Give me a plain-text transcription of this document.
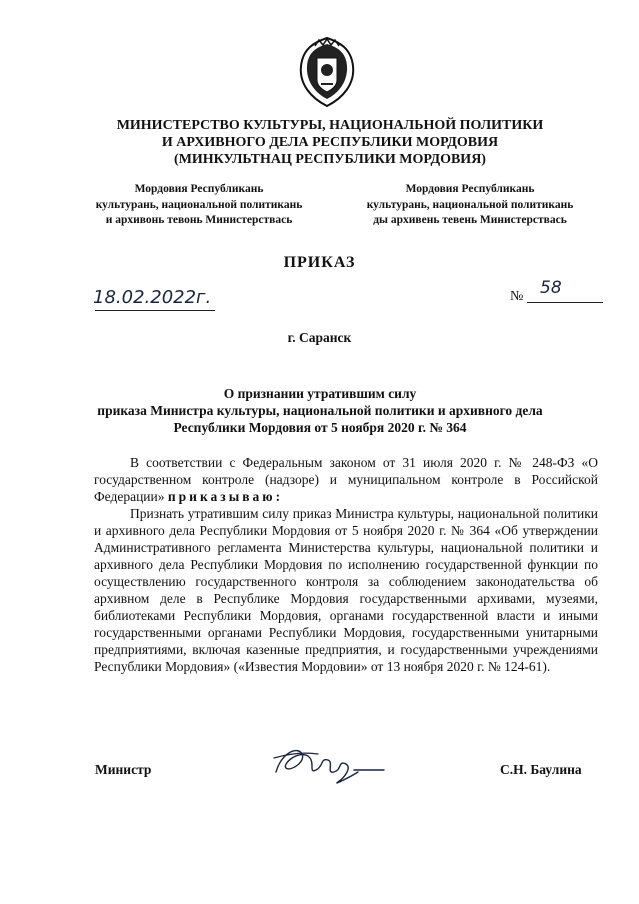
МИНИСТЕРСТВО КУЛЬТУРЫ, НАЦИОНАЛЬНОЙ ПОЛИТИКИ
И АРХИВНОГО ДЕЛА РЕСПУБЛИКИ МОРДОВИЯ
(МИНКУЛЬТНАЦ РЕСПУБЛИКИ МОРДОВИЯ)
Мордовия Республикань
культурань, национальной политикань
и архивонь тевонь Министерствась
Мордовия Республикань
культурань, национальной политикань
ды архивень тевень Министерствась
ПРИКАЗ
18.02.2022г.	№ 58
г. Саранск
О признании утратившим силу
приказа Министра культуры, национальной политики и архивного дела
Республики Мордовия от 5 ноября 2020 г. № 364

В соответствии с Федеральным законом от 31 июля 2020 г. № 248-ФЗ «О государственном контроле (надзоре) и муниципальном контроле в Российской Федерации» приказываю:

Признать утратившим силу приказ Министра культуры, национальной политики и архивного дела Республики Мордовия от 5 ноября 2020 г. № 364 «Об утверждении Административного регламента Министерства культуры, национальной политики и архивного дела Республики Мордовия по исполнению государственной функции по осуществлению государственного контроля за соблюдением законодательства об архивном деле в Республике Мордовия государственными архивами, музеями, библиотеками Республики Мордовия, органами государственной власти и иными государственными органами Республики Мордовия, государственными унитарными предприятиями, включая казенные предприятия, и государственными учреждениями Республики Мордовия» («Известия Мордовии» от 13 ноября 2020 г. № 124-61).

Министр	С.Н. Баулина
